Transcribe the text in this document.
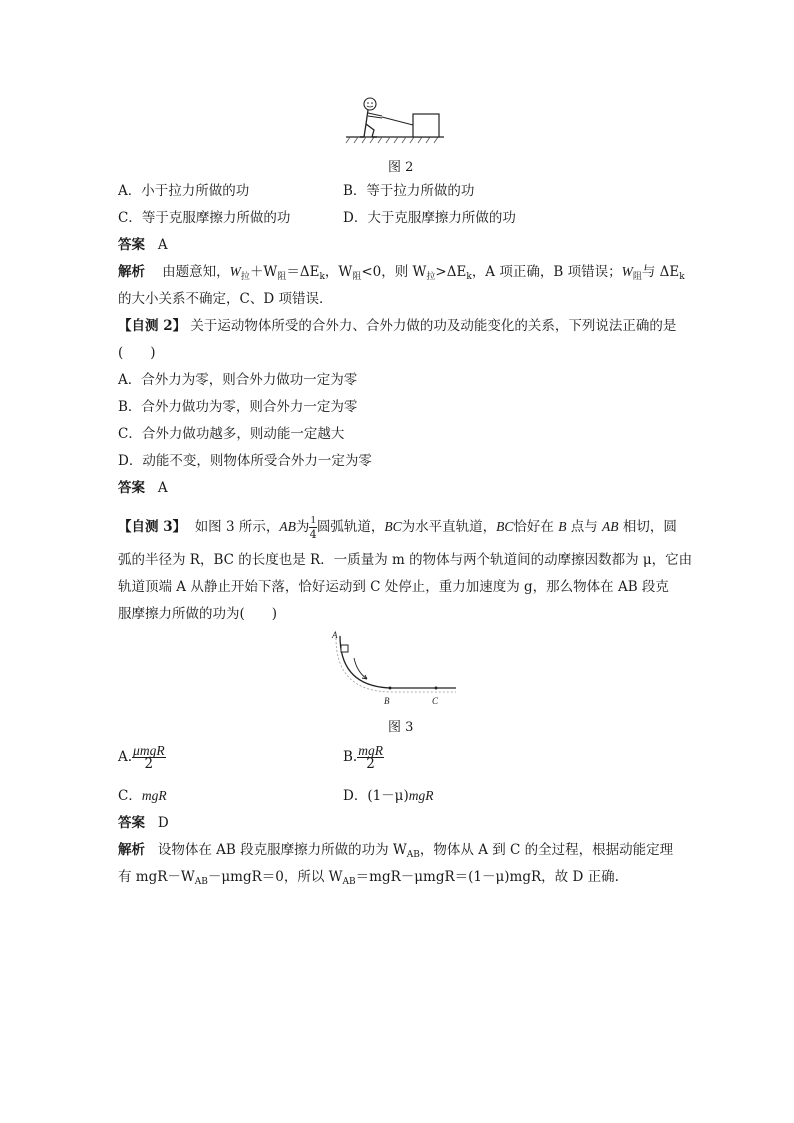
图 2
A．小于拉力所做的功	B．等于拉力所做的功
C．等于克服摩擦力所做的功	D．大于克服摩擦力所做的功
答案 A
解析 由题意知，$W_拉+W_阻=\Delta E_k$，$W_阻<0$，则 $W_拉>\Delta E_k$，A 项正确，B 项错误；$W_阻$与 $\Delta E_k$
的大小关系不确定，C、D 项错误．
【自测 2】 关于运动物体所受的合外力、合外力做的功及动能变化的关系，下列说法正确的是
(　　)
A．合外力为零，则合外力做功一定为零
B．合外力做功为零，则合外力一定为零
C．合外力做功越多，则动能一定越大
D．动能不变，则物体所受合外力一定为零
答案 A
【自测 3】 如图 3 所示，AB为 $\frac{1}{4}$ 圆弧轨道，BC为水平直轨道，BC恰好在 B 点与 AB 相切，圆
弧的半径为 R，BC 的长度也是 R．一质量为 m 的物体与两个轨道间的动摩擦因数都为 μ，它由
轨道顶端 A 从静止开始下落，恰好运动到 C 处停止，重力加速度为 g，那么物体在 AB 段克
服摩擦力所做的功为(　　)
A
B	C
图 3
A. $\frac{\text{μmgR}}{2}$	B. $\frac{\text{mgR}}{2}$
C．mgR	D．(1－μ)mgR
答案 D
解析 设物体在 AB 段克服摩擦力所做的功为 $W_{AB}$，物体从 A 到 C 的全过程，根据动能定理
有 $mgR-W_{AB}-\mu mgR=0$，所以 $W_{AB}=mgR-\mu mgR=(1-\mu)mgR$，故 D 正确.
